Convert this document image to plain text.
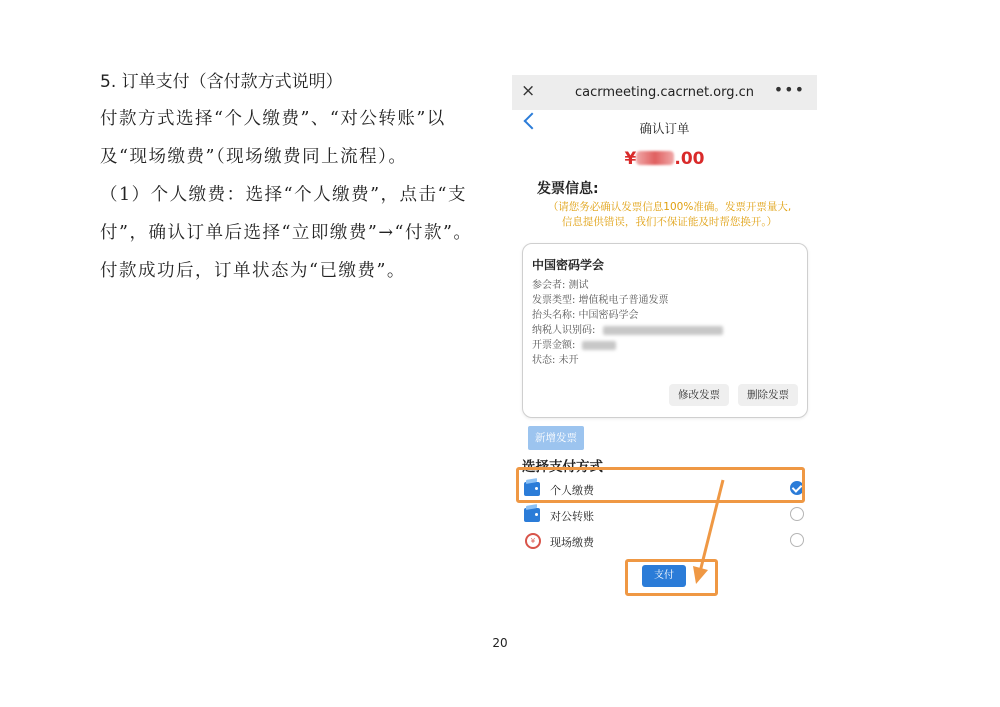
5. 订单支付（含付款方式说明）

付款方式选择“个人缴费”、“对公转账”以
及“现场缴费”（现场缴费同上流程）。
（1）个人缴费：选择“个人缴费”，点击“支
付”，确认订单后选择“立即缴费”→“付款”。
付款成功后，订单状态为“已缴费”。

×	cacrmeeting.cacrnet.org.cn •••
确认订单
¥ .00
发票信息:
（请您务必确认发票信息100%准确。发票开票量大,
信息提供错误，我们不保证能及时帮您换开。）
中国密码学会
参会者: 测试
发票类型: 增值税电子普通发票
抬头名称: 中国密码学会
纳税人识别码:
开票金额:
状态: 未开
修改发票	删除发票
新增发票
选择支付方式
个人缴费
对公转账
¥	现场缴费
支付
20
